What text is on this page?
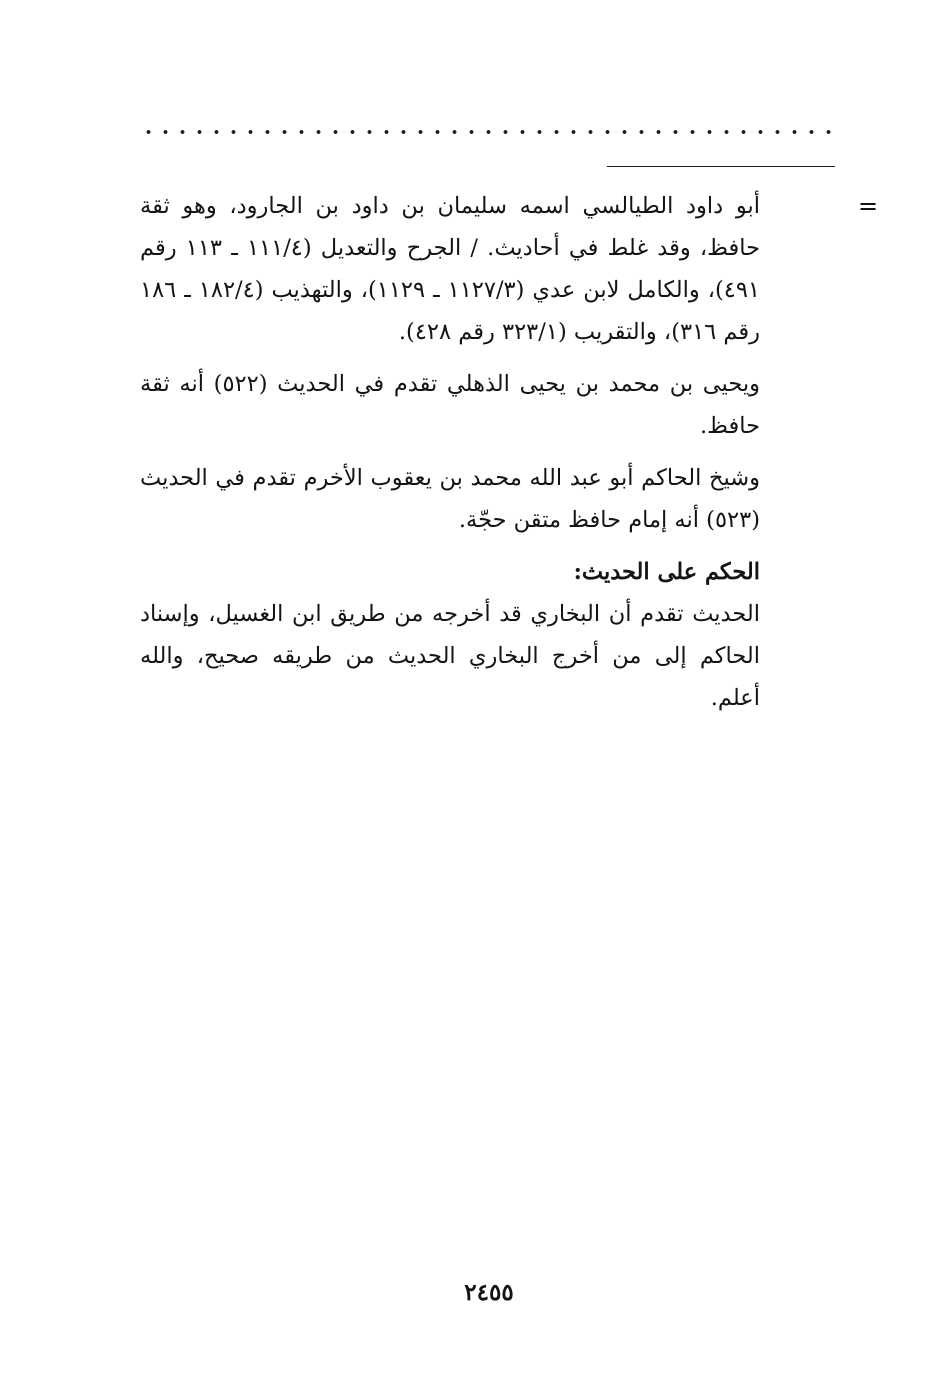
=

أبو داود الطيالسي اسمه سليمان بن داود بن الجارود، وهو ثقة حافظ، وقد غلط في أحاديث. / الجرح والتعديل (١١١/٤ ـ ١١٣ رقم ٤٩١)، والكامل لابن عدي (١١٢٧/٣ ـ ١١٢٩)، والتهذيب (١٨٢/٤ ـ ١٨٦ رقم ٣١٦)، والتقريب (٣٢٣/١ رقم ٤٢٨).

ويحيى بن محمد بن يحيى الذهلي تقدم في الحديث (٥٢٢) أنه ثقة حافظ.

وشيخ الحاكم أبو عبد الله محمد بن يعقوب الأخرم تقدم في الحديث (٥٢٣) أنه إمام حافظ متقن حجّة.

الحكم على الحديث:

الحديث تقدم أن البخاري قد أخرجه من طريق ابن الغسيل، وإسناد الحاكم إلى من أخرج البخاري الحديث من طريقه صحيح، والله أعلم.

٢٤٥٥
